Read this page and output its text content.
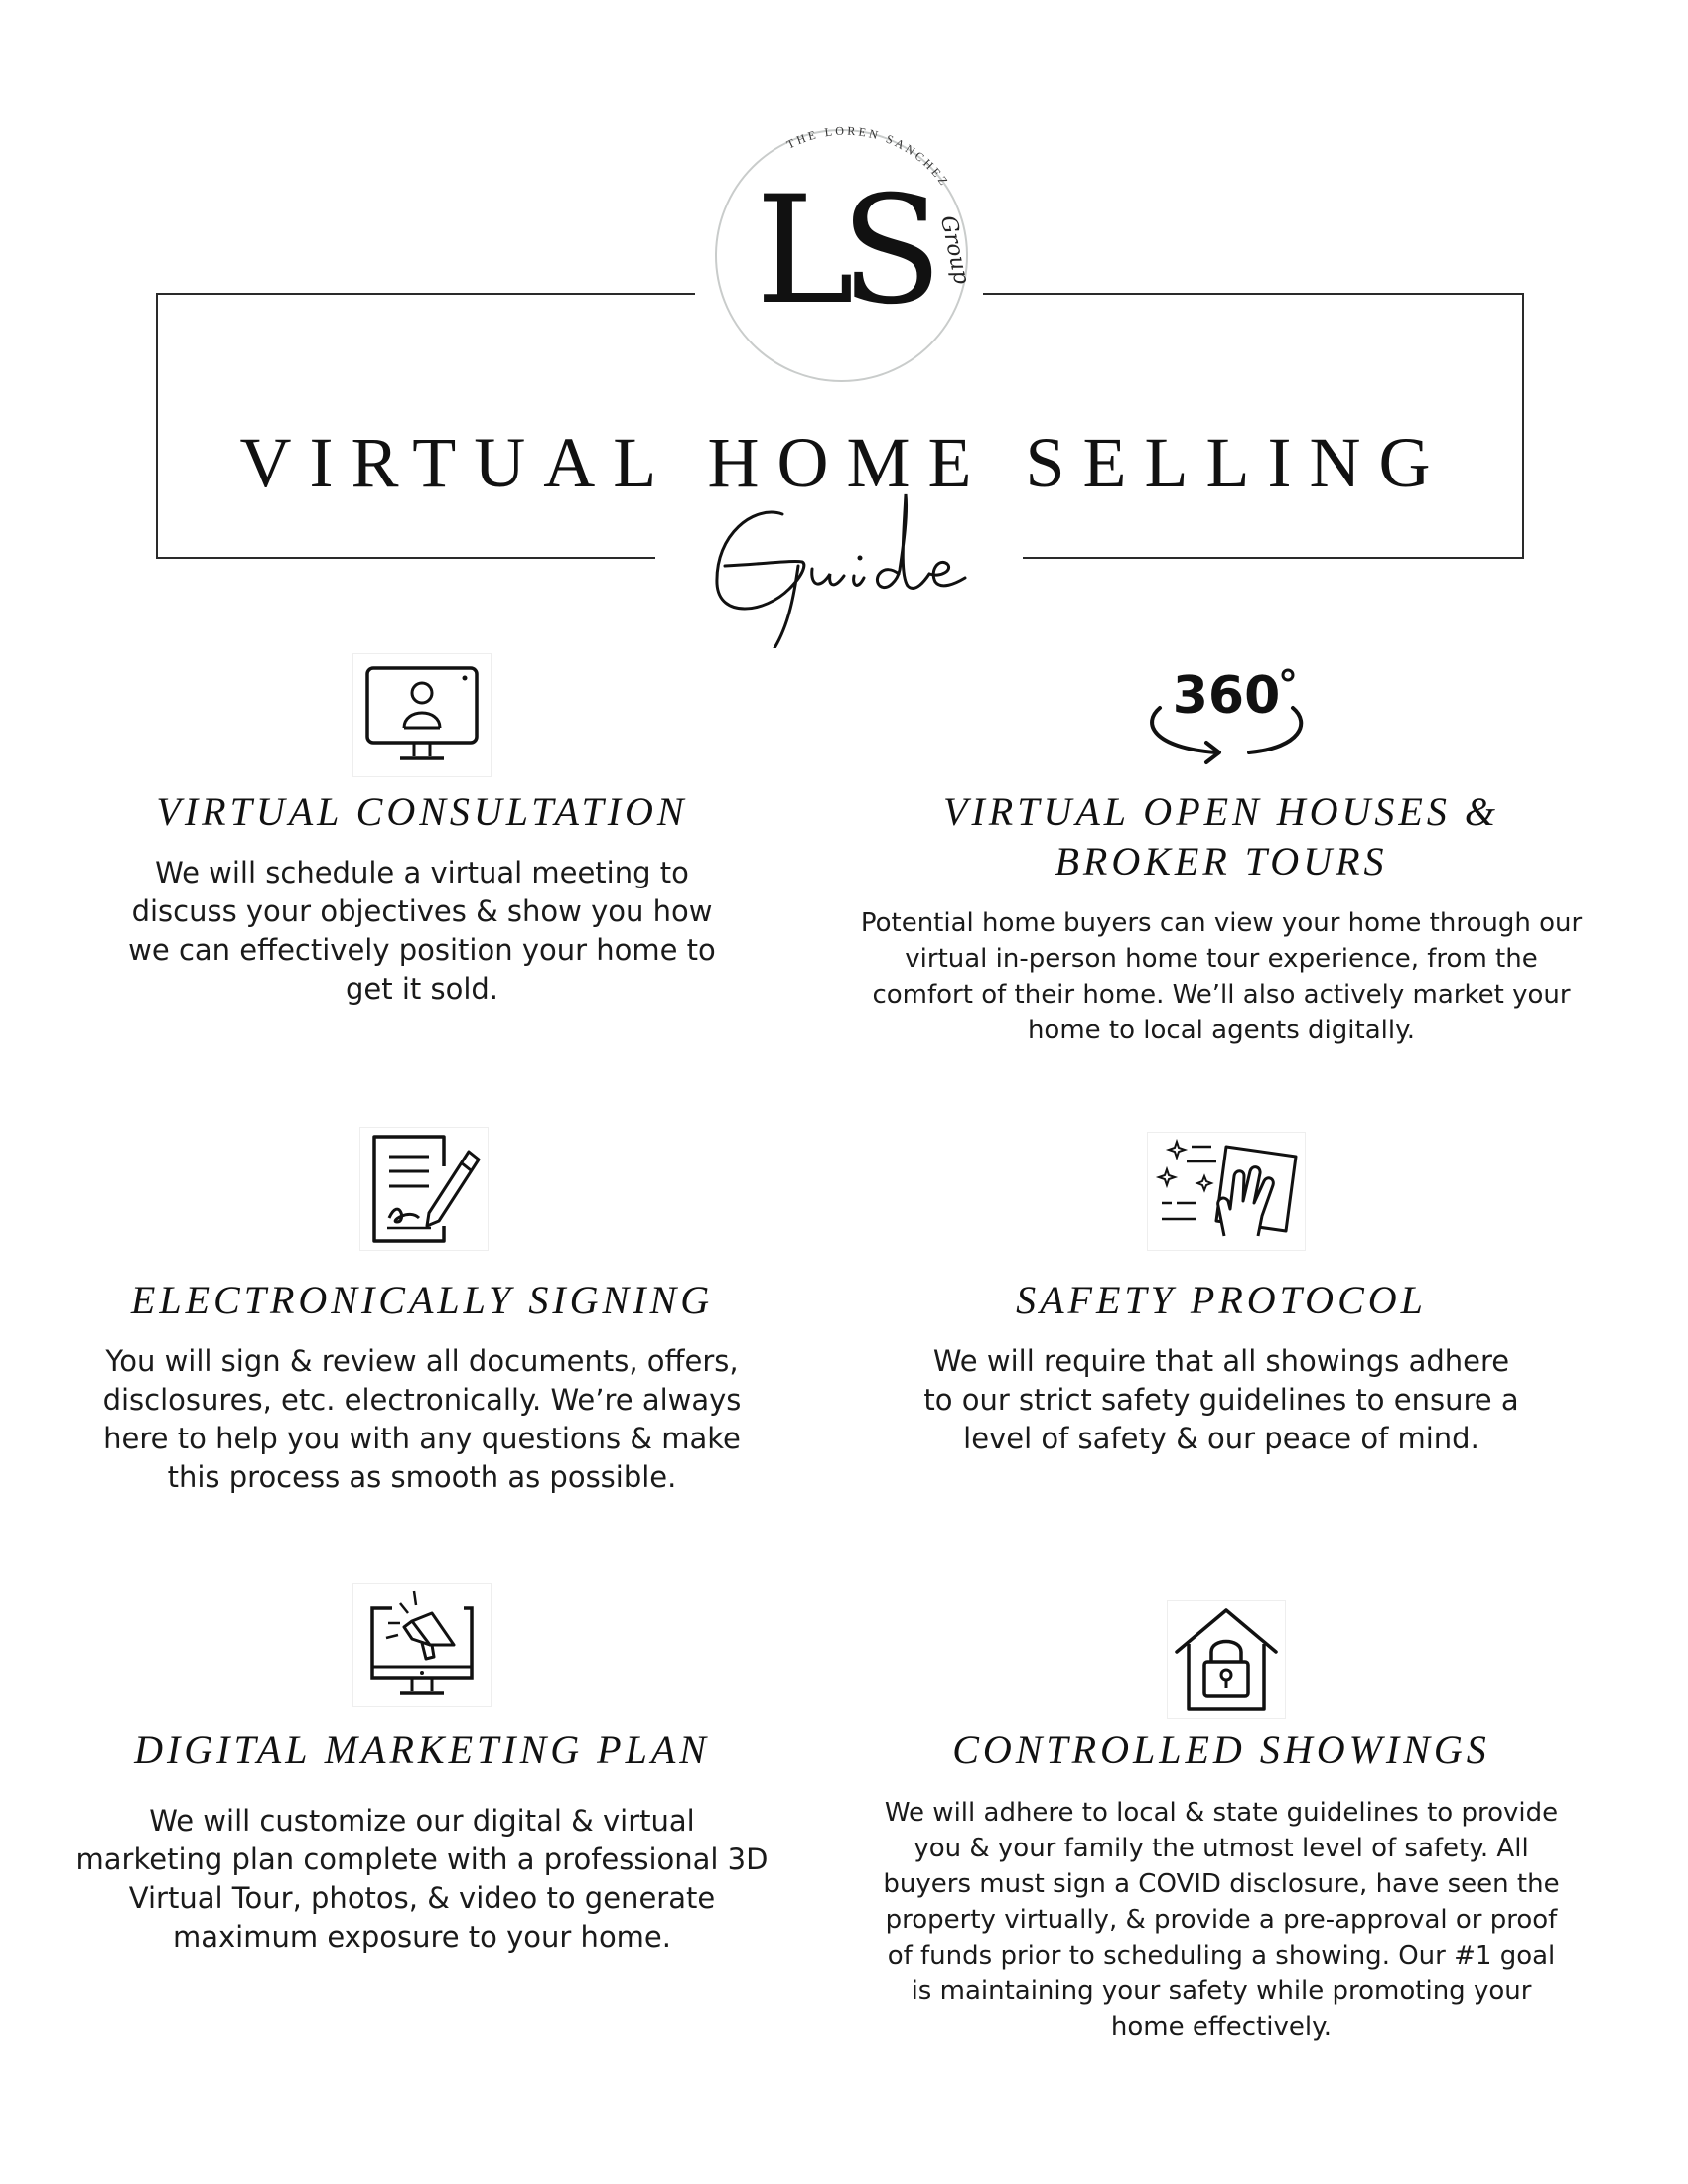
THE LOREN SANCHEZ
Group
LS
VIRTUAL HOME SELLING
VIRTUAL CONSULTATION
We will schedule a virtual meeting to discuss your objectives & show you how we can effectively position your home to get it sold.
360
VIRTUAL OPEN HOUSES &
BROKER TOURS
Potential home buyers can view your home through our virtual in-person home tour experience, from the comfort of their home. We’ll also actively market your home to local agents digitally.
ELECTRONICALLY SIGNING
You will sign & review all documents, offers, disclosures, etc. electronically. We’re always here to help you with any questions & make this process as smooth as possible.
SAFETY PROTOCOL
We will require that all showings adhere to our strict safety guidelines to ensure a level of safety & our peace of mind.
DIGITAL MARKETING PLAN
We will customize our digital & virtual marketing plan complete with a professional 3D Virtual Tour, photos, & video to generate maximum exposure to your home.
CONTROLLED SHOWINGS
We will adhere to local & state guidelines to provide you & your family the utmost level of safety. All buyers must sign a COVID disclosure, have seen the property virtually, & provide a pre-approval or proof of funds prior to scheduling a showing. Our #1 goal is maintaining your safety while promoting your home effectively.
